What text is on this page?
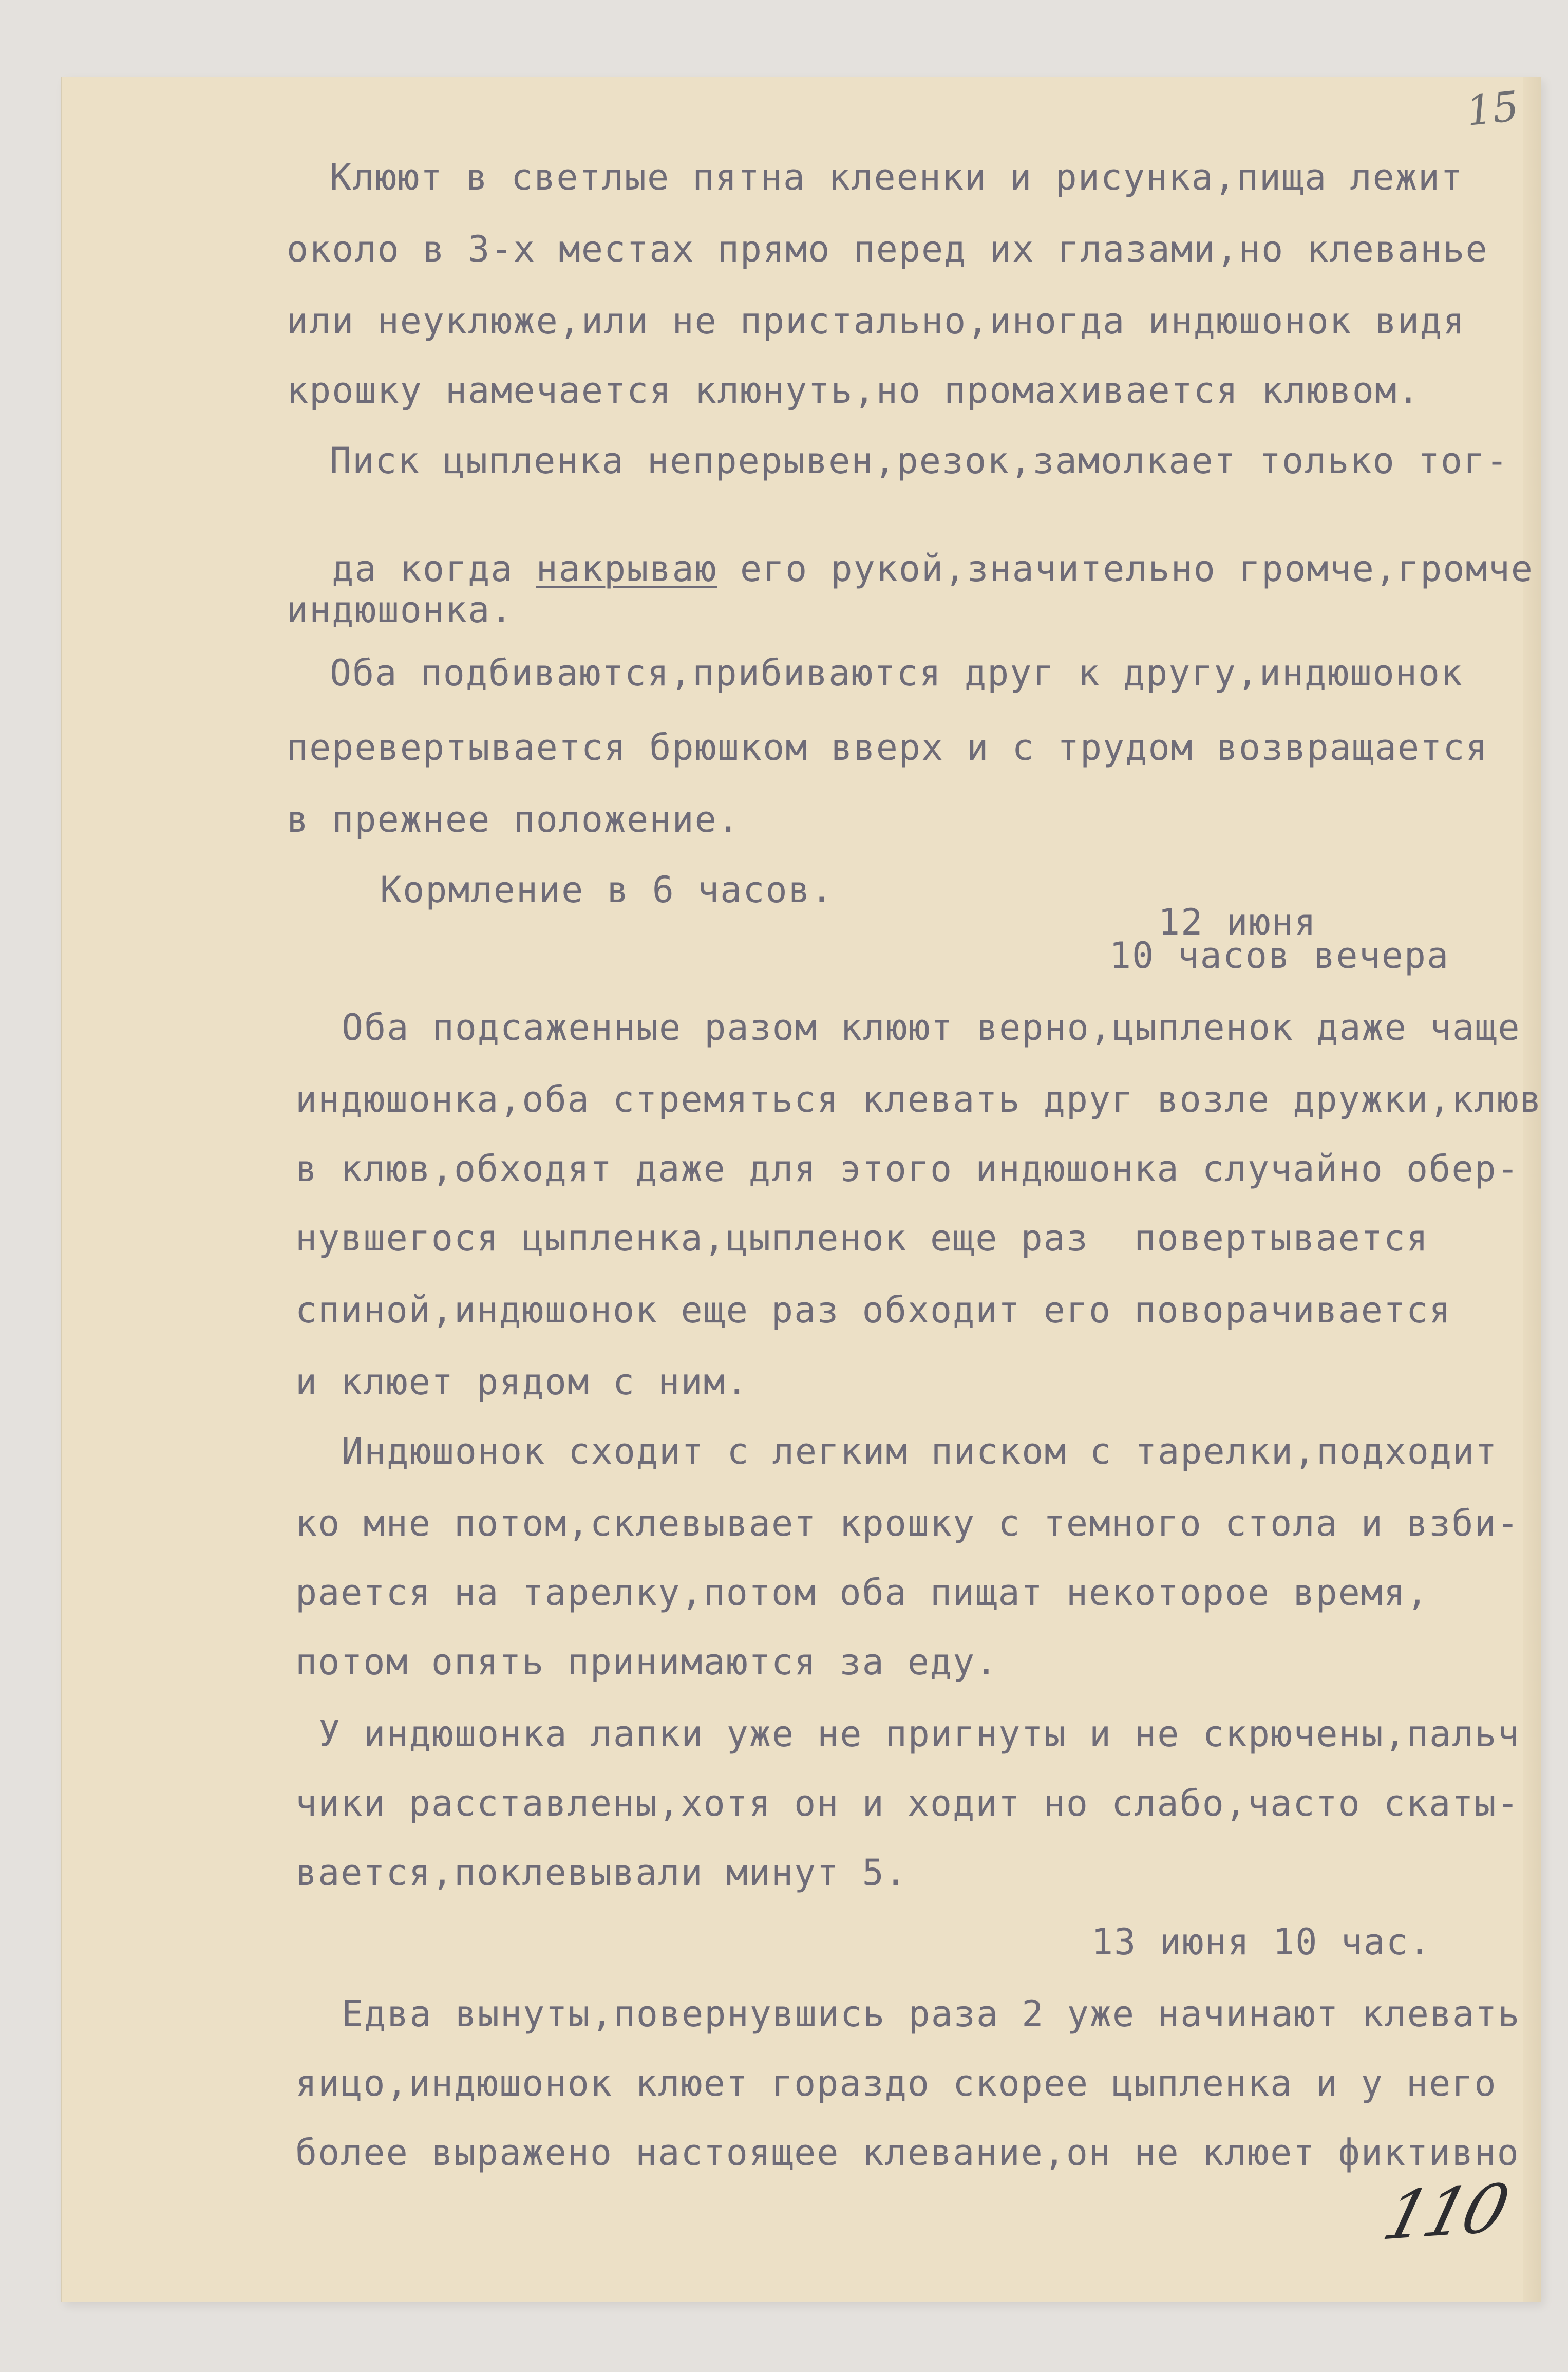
15
Клюют в светлые пятна клеенки и рисунка,пища лежит
около в 3-х местах прямо перед их глазами,но клеванье
или неуклюже,или не пристально,иногда индюшонок видя
крошку намечается клюнуть,но промахивается клювом.
Писк цыпленка непрерывен,резок,замолкает только тог-

да когда накрываю его рукой,значительно громче,громче

индюшонка.
Оба подбиваются,прибиваются друг к другу,индюшонок
перевертывается брюшком вверх и с трудом возвращается
в прежнее положение.
Кормление в 6 часов.
12 июня
10 часов вечера
Оба подсаженные разом клюют верно,цыпленок даже чаще
индюшонка,оба стремяться клевать друг возле дружки,клюв
в клюв,обходят даже для этого индюшонка случайно обер-
нувшегося цыпленка,цыпленок еще раз  повертывается
спиной,индюшонок еще раз обходит его поворачивается
и клюет рядом с ним.
Индюшонок сходит с легким писком с тарелки,подходит
ко мне потом,склевывает крошку с темного стола и взби-
рается на тарелку,потом оба пищат некоторое время,
потом опять принимаются за еду.
У индюшонка лапки уже не пригнуты и не скрючены,пальч
чики расставлены,хотя он и ходит но слабо,часто скаты-
вается,поклевывали минут 5.
13 июня 10 час.
Едва вынуты,повернувшись раза 2 уже начинают клевать
яицо,индюшонок клюет гораздо скорее цыпленка и у него
более выражено настоящее клевание,он не клюет фиктивно
110
